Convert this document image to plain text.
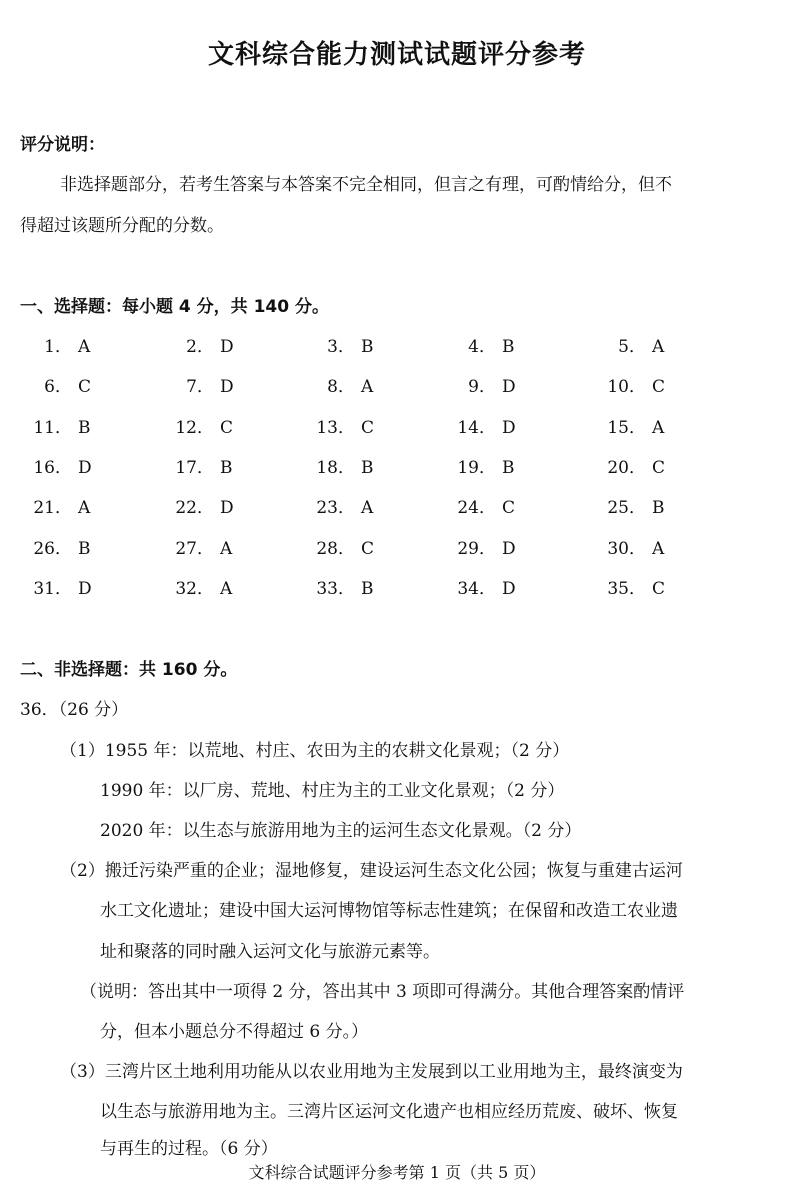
文科综合能力测试试题评分参考
评分说明：
非选择题部分，若考生答案与本答案不完全相同，但言之有理，可酌情给分，但不
得超过该题所分配的分数。
一、选择题：每小题 4 分，共 140 分。
1． A	2． D	3． B	4． B	5． A
6． C	7． D	8． A	9． D	10． C
11． B	12． C	13． C	14． D	15． A
16． D	17． B	18． B	19． B	20． C
21． A	22． D	23． A	24． C	25． B
26． B	27． A	28． C	29． D	30． A
31． D	32． A	33． B	34． D	35． C
二、非选择题：共 160 分。
36．（26 分）
（1）1955 年：以荒地、村庄、农田为主的农耕文化景观；（2 分）
1990 年：以厂房、荒地、村庄为主的工业文化景观；（2 分）
2020 年：以生态与旅游用地为主的运河生态文化景观。（2 分）
（2）搬迁污染严重的企业；湿地修复，建设运河生态文化公园；恢复与重建古运河
水工文化遗址；建设中国大运河博物馆等标志性建筑；在保留和改造工农业遗
址和聚落的同时融入运河文化与旅游元素等。
（说明：答出其中一项得 2 分，答出其中 3 项即可得满分。其他合理答案酌情评
分，但本小题总分不得超过 6 分。）
（3）三湾片区土地利用功能从以农业用地为主发展到以工业用地为主，最终演变为
以生态与旅游用地为主。三湾片区运河文化遗产也相应经历荒废、破坏、恢复
与再生的过程。（6 分）
文科综合试题评分参考第 1 页（共 5 页）
